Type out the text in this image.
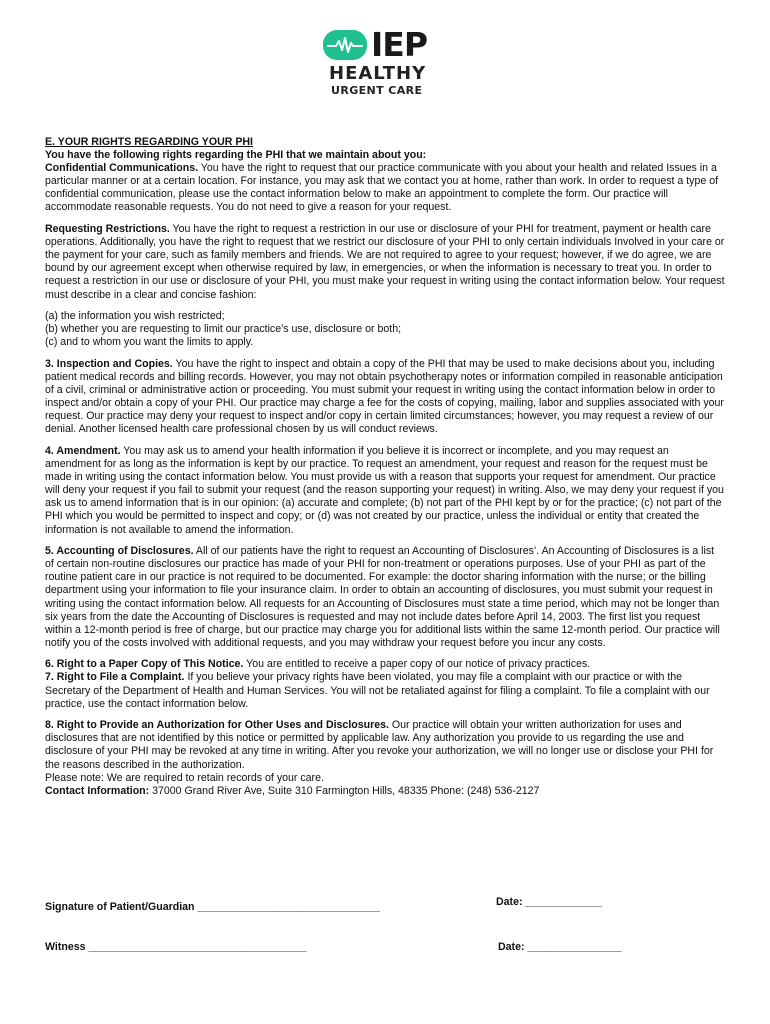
IEP
HEALTHY
URGENT CARE

E. YOUR RIGHTS REGARDING YOUR PHI

You have the following rights regarding the PHI that we maintain about you:

Confidential Communications. You have the right to request that our practice communicate with you about your health and related Issues in a particular manner or at a certain location. For instance, you may ask that we contact you at home, rather than work. In order to request a type of confidential communication, please use the contact information below to make an appointment to complete the form. Our practice will accommodate reasonable requests. You do not need to give a reason for your request.

Requesting Restrictions. You have the right to request a restriction in our use or disclosure of your PHI for treatment, payment or health care operations. Additionally, you have the right to request that we restrict our disclosure of your PHI to only certain individuals Involved in your care or the payment for your care, such as family members and friends. We are not required to agree to your request; however, if we do agree, we are bound by our agreement except when otherwise required by law, in emergencies, or when the information is necessary to treat you. In order to request a restriction in our use or disclosure of your PHI, you must make your request in writing using the contact information below. Your request must describe in a clear and concise fashion:

(a) the information you wish restricted;

(b) whether you are requesting to limit our practice’s use, disclosure or both;

(c) and to whom you want the limits to apply.

3. Inspection and Copies. You have the right to inspect and obtain a copy of the PHI that may be used to make decisions about you, including patient medical records and billing records. However, you may not obtain psychotherapy notes or information compiled in reasonable anticipation of a civil, criminal or administrative action or proceeding. You must submit your request in writing using the contact information below in order to inspect and/or obtain a copy of your PHI. Our practice may charge a fee for the costs of copying, mailing, labor and supplies associated with your request. Our practice may deny your request to inspect and/or copy in certain limited circumstances; however, you may request a review of our denial. Another licensed health care professional chosen by us will conduct reviews.

4. Amendment. You may ask us to amend your health information if you believe it is incorrect or incomplete, and you may request an amendment for as long as the information is kept by our practice. To request an amendment, your request and reason for the request must be made in writing using the contact information below. You must provide us with a reason that supports your request for amendment. Our practice will deny your request if you fail to submit your request (and the reason supporting your request) in writing. Also, we may deny your request if you ask us to amend information that is in our opinion: (a) accurate and complete; (b) not part of the PHI kept by or for the practice; (c) not part of the PHI which you would be permitted to inspect and copy; or (d) was not created by our practice, unless the individual or entity that created the information is not available to amend the information.

5. Accounting of Disclosures. All of our patients have the right to request an Accounting of Disclosures’. An Accounting of Disclosures is a list of certain non-routine disclosures our practice has made of your PHI for non-treatment or operations purposes. Use of your PHI as part of the routine patient care in our practice is not required to be documented. For example: the doctor sharing information with the nurse; or the billing department using your information to file your insurance claim. In order to obtain an accounting of disclosures, you must submit your request in writing using the contact information below. All requests for an Accounting of Disclosures must state a time period, which may not be longer than six years from the date the Accounting of Disclosures is requested and may not include dates before April 14, 2003. The first list you request within a 12-month period is free of charge, but our practice may charge you for additional lists within the same 12-month period. Our practice will notify you of the costs involved with additional requests, and you may withdraw your request before you incur any costs.

6. Right to a Paper Copy of This Notice. You are entitled to receive a paper copy of our notice of privacy practices.

7. Right to File a Complaint. If you believe your privacy rights have been violated, you may file a complaint with our practice or with the Secretary of the Department of Health and Human Services. You will not be retaliated against for filing a complaint. To file a complaint with our practice, use the contact information below.

8. Right to Provide an Authorization for Other Uses and Disclosures. Our practice will obtain your written authorization for uses and disclosures that are not identified by this notice or permitted by applicable law. Any authorization you provide to us regarding the use and disclosure of your PHI may be revoked at any time in writing. After you revoke your authorization, we will no longer use or disclose your PHI for the reasons described in the authorization.

Please note: We are required to retain records of your care.

Contact Information: 37000 Grand River Ave, Suite 310 Farmington Hills, 48335 Phone: (248) 536-2127

Signature of Patient/Guardian _______________________________	Date: _____________
Witness _____________________________________	Date: ________________
